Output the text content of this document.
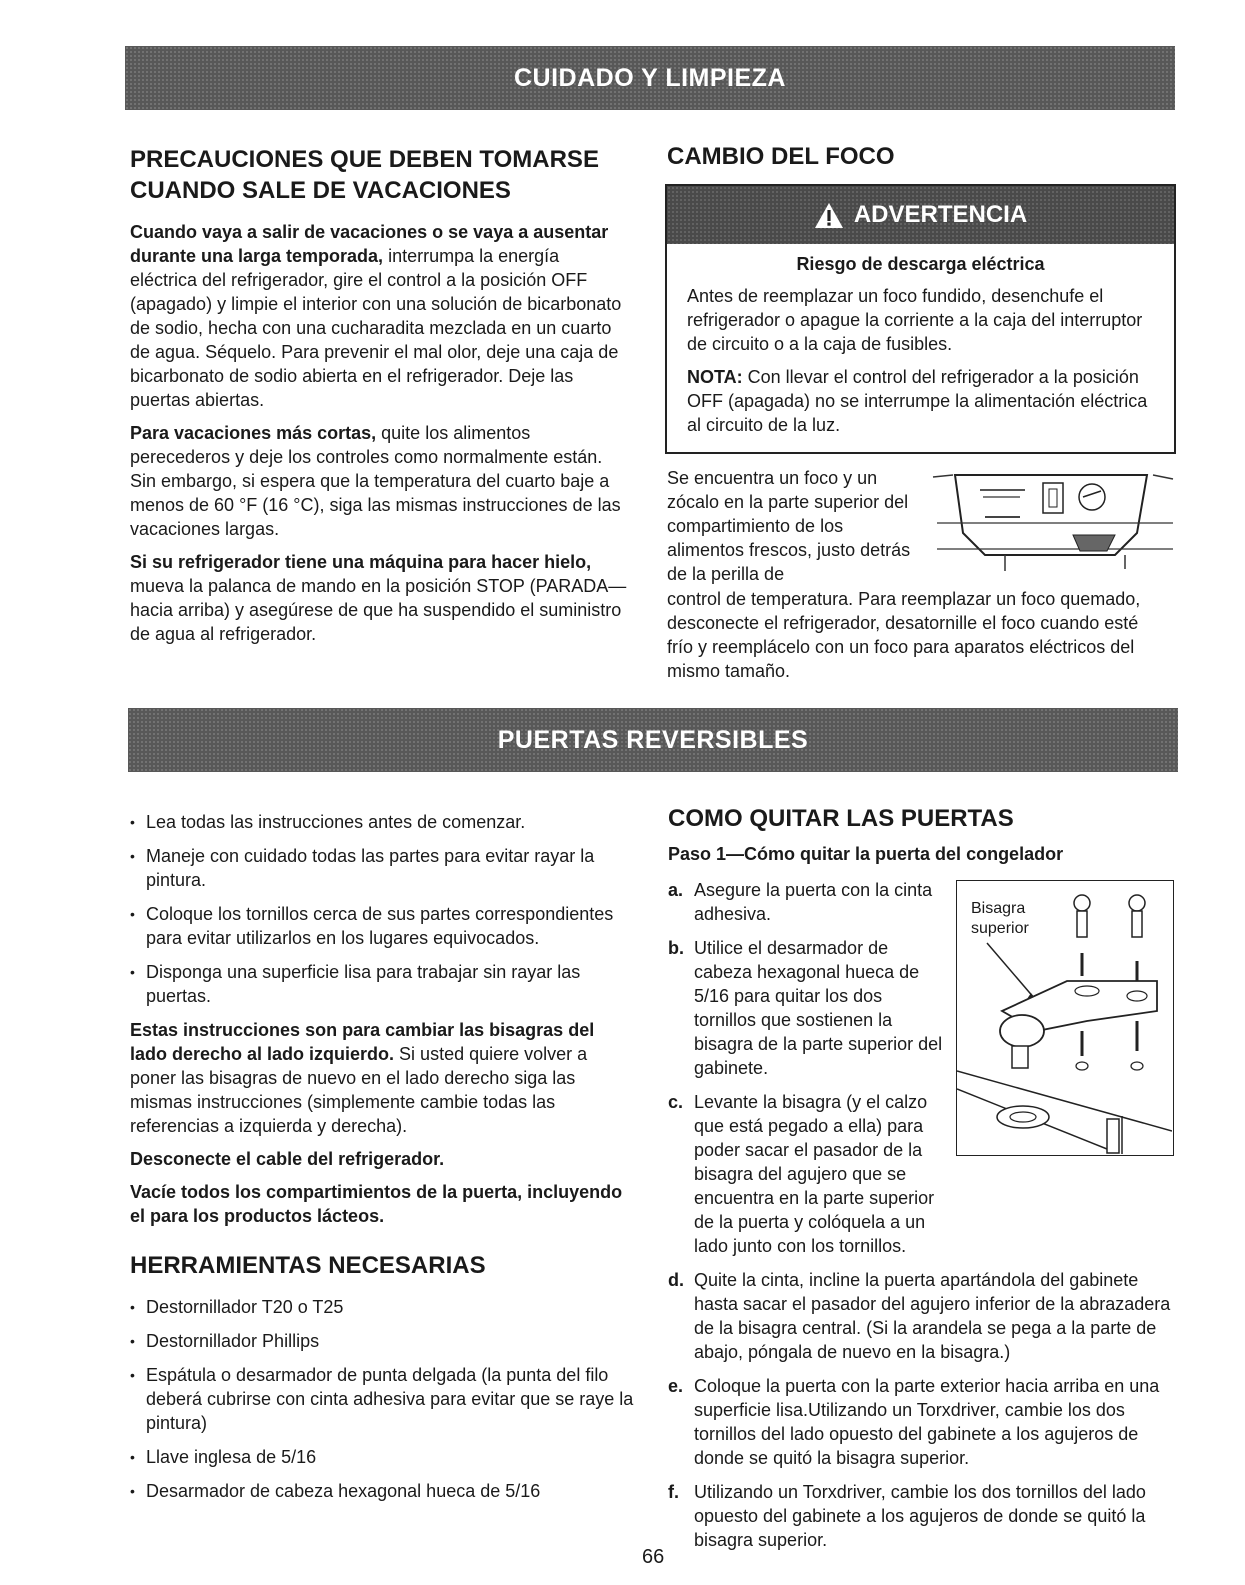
CUIDADO Y LIMPIEZA
PRECAUCIONES QUE DEBEN TOMARSE CUANDO SALE DE VACACIONES

Cuando vaya a salir de vacaciones o se vaya a ausentar durante una larga temporada, interrumpa la energía eléctrica del refrigerador, gire el control a la posición OFF (apagado) y limpie el interior con una solución de bicarbonato de sodio, hecha con una cucharadita mezclada en un cuarto de agua. Séquelo. Para prevenir el mal olor, deje una caja de bicarbonato de sodio abierta en el refrigerador. Deje las puertas abiertas.

Para vacaciones más cortas, quite los alimentos perecederos y deje los controles como normalmente están. Sin embargo, si espera que la temperatura del cuarto baje a menos de 60 °F (16 °C), siga las mismas instrucciones de las vacaciones largas.

Si su refrigerador tiene una máquina para hacer hielo, mueva la palanca de mando en la posición STOP (PARADA—hacia arriba) y asegúrese de que ha suspendido el suministro de agua al refrigerador.

CAMBIO DEL FOCO
ADVERTENCIA

Riesgo de descarga eléctrica

Antes de reemplazar un foco fundido, desenchufe el refrigerador o apague la corriente a la caja del interruptor de circuito o a la caja de fusibles.

NOTA: Con llevar el control del refrigerador a la posición OFF (apagada) no se interrumpe la alimentación eléctrica al circuito de la luz.

Se encuentra un foco y un zócalo en la parte superior del compartimiento de los alimentos frescos, justo detrás de la perilla de

control de temperatura. Para reemplazar un foco quemado, desconecte el refrigerador, desatornille el foco cuando esté frío y reemplácelo con un foco para aparatos eléctricos del mismo tamaño.

PUERTAS REVERSIBLES
• Lea todas las instrucciones antes de comenzar.
• Maneje con cuidado todas las partes para evitar rayar la pintura.
• Coloque los tornillos cerca de sus partes correspondientes para evitar utilizarlos en los lugares equivocados.
• Disponga una superficie lisa para trabajar sin rayar las puertas.

Estas instrucciones son para cambiar las bisagras del lado derecho al lado izquierdo. Si usted quiere volver a poner las bisagras de nuevo en el lado derecho siga las mismas instrucciones (simplemente cambie todas las referencias a izquierda y derecha).

Desconecte el cable del refrigerador.

Vacíe todos los compartimientos de la puerta, incluyendo el para los productos lácteos.

HERRAMIENTAS NECESARIAS
• Destornillador T20 o T25
• Destornillador Phillips
• Espátula o desarmador de punta delgada (la punta del filo deberá cubrirse con cinta adhesiva para evitar que se raye la pintura)
• Llave inglesa de 5/16
• Desarmador de cabeza hexagonal hueca de 5/16
COMO QUITAR LAS PUERTAS

Paso 1—Cómo quitar la puerta del congelador

a. Asegure la puerta con la cinta adhesiva.
b. Utilice el desarmador de cabeza hexagonal hueca de 5/16 para quitar los dos tornillos que sostienen la bisagra de la parte superior del gabinete.
c. Levante la bisagra (y el calzo que está pegado a ella) para poder sacar el pasador de la bisagra del agujero que se encuentra en la parte superior de la puerta y colóquela a un lado junto con los tornillos.
d. Quite la cinta, incline la puerta apartándola del gabinete hasta sacar el pasador del agujero inferior de la abrazadera de la bisagra central. (Si la arandela se pega a la parte de abajo, póngala de nuevo en la bisagra.)
e. Coloque la puerta con la parte exterior hacia arriba en una superficie lisa.Utilizando un Torxdriver, cambie los dos tornillos del lado opuesto del gabinete a los agujeros de donde se quitó la bisagra superior.
f. Utilizando un Torxdriver, cambie los dos tornillos del lado opuesto del gabinete a los agujeros de donde se quitó la bisagra superior.
Bisagra superior
66
